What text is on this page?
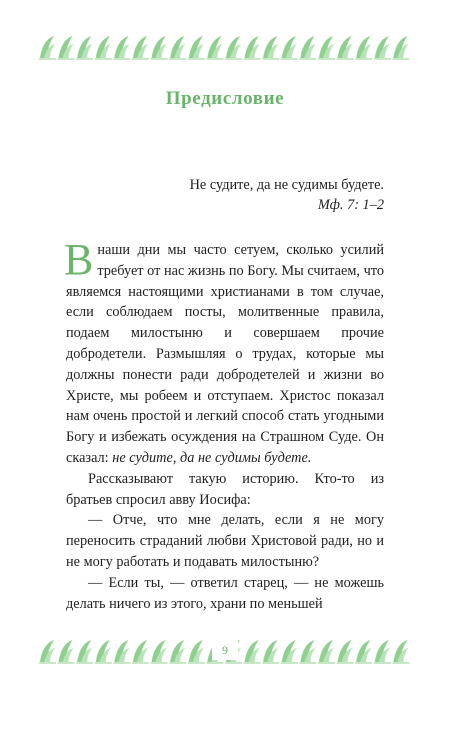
Предисловие
Не судите, да не судимы будете.
Мф. 7: 1–2

В наши дни мы часто сетуем, сколько усилий требует от нас жизнь по Богу. Мы считаем, что являемся настоящими христианами в том случае, если соблюдаем посты, молитвенные правила, подаем милостыню и совершаем прочие добродетели. Размышляя о трудах, которые мы должны понести ради добродетелей и жизни во Христе, мы робеем и отступаем. Христос показал нам очень простой и легкий способ стать угодными Богу и избежать осуждения на Страшном Суде. Он сказал: не судите, да не судимы будете.

Рассказывают такую историю. Кто-то из братьев спросил авву Иосифа:

— Отче, что мне делать, если я не могу переносить страданий любви Христовой ради, но и не могу работать и подавать милостыню?

— Если ты, — ответил старец, — не можешь делать ничего из этого, храни по меньшей

9
